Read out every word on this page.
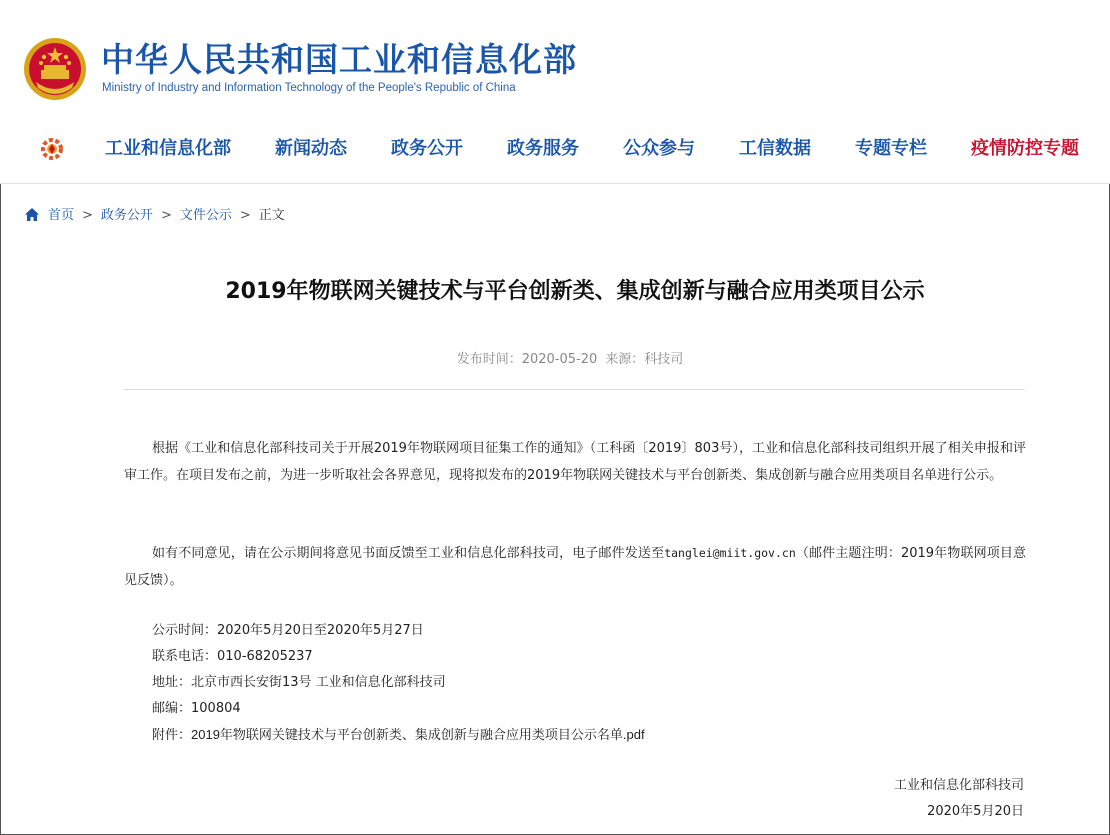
中华人民共和国工业和信息化部
Ministry of Industry and Information Technology of the People's Republic of China
工业和信息化部 新闻动态 政务公开 政务服务 公众参与 工信数据 专题专栏 疫情防控专题
首页 > 政务公开 > 文件公示 > 正文
2019年物联网关键技术与平台创新类、集成创新与融合应用类项目公示
发布时间：2020-05-20 来源：科技司

根据《工业和信息化部科技司关于开展2019年物联网项目征集工作的通知》（工科函〔2019〕803号），工业和信息化部科技司组织开展了相关申报和评审工作。在项目发布之前，为进一步听取社会各界意见，现将拟发布的2019年物联网关键技术与平台创新类、集成创新与融合应用类项目名单进行公示。

如有不同意见，请在公示期间将意见书面反馈至工业和信息化部科技司，电子邮件发送至tanglei@miit.gov.cn（邮件主题注明：2019年物联网项目意见反馈）。

公示时间：2020年5月20日至2020年5月27日
联系电话：010-68205237
地址：北京市西长安街13号 工业和信息化部科技司
邮编：100804
附件：2019年物联网关键技术与平台创新类、集成创新与融合应用类项目公示名单.pdf
工业和信息化部科技司
2020年5月20日
